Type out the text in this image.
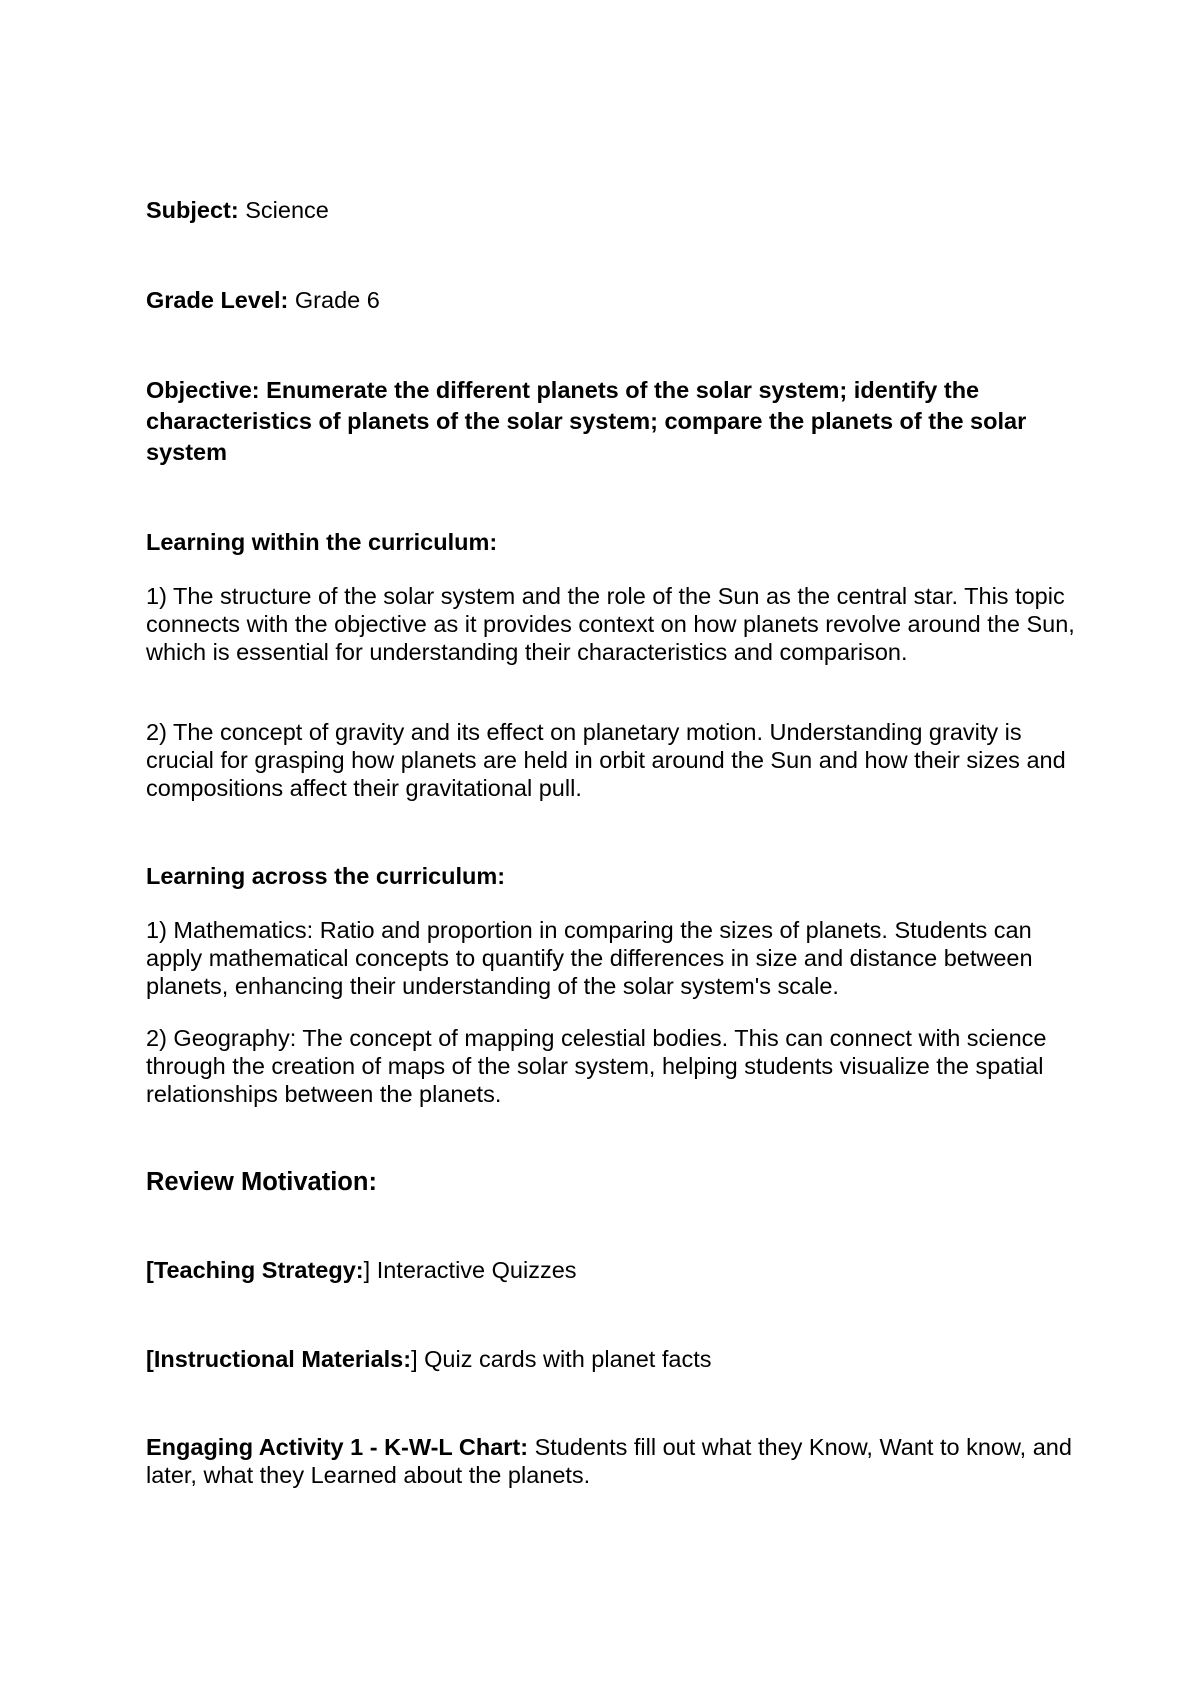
Subject: Science
Grade Level: Grade 6
Objective: Enumerate the different planets of the solar system; identify the characteristics of planets of the solar system; compare the planets of the solar system
Learning within the curriculum:

1) The structure of the solar system and the role of the Sun as the central star. This topic connects with the objective as it provides context on how planets revolve around the Sun, which is essential for understanding their characteristics and comparison.

2) The concept of gravity and its effect on planetary motion. Understanding gravity is crucial for grasping how planets are held in orbit around the Sun and how their sizes and compositions affect their gravitational pull.

Learning across the curriculum:

1) Mathematics: Ratio and proportion in comparing the sizes of planets. Students can apply mathematical concepts to quantify the differences in size and distance between planets, enhancing their understanding of the solar system's scale.

2) Geography: The concept of mapping celestial bodies. This can connect with science through the creation of maps of the solar system, helping students visualize the spatial relationships between the planets.

Review Motivation:
[Teaching Strategy:] Interactive Quizzes
[Instructional Materials:] Quiz cards with planet facts
Engaging Activity 1 - K-W-L Chart: Students fill out what they Know, Want to know, and later, what they Learned about the planets.
